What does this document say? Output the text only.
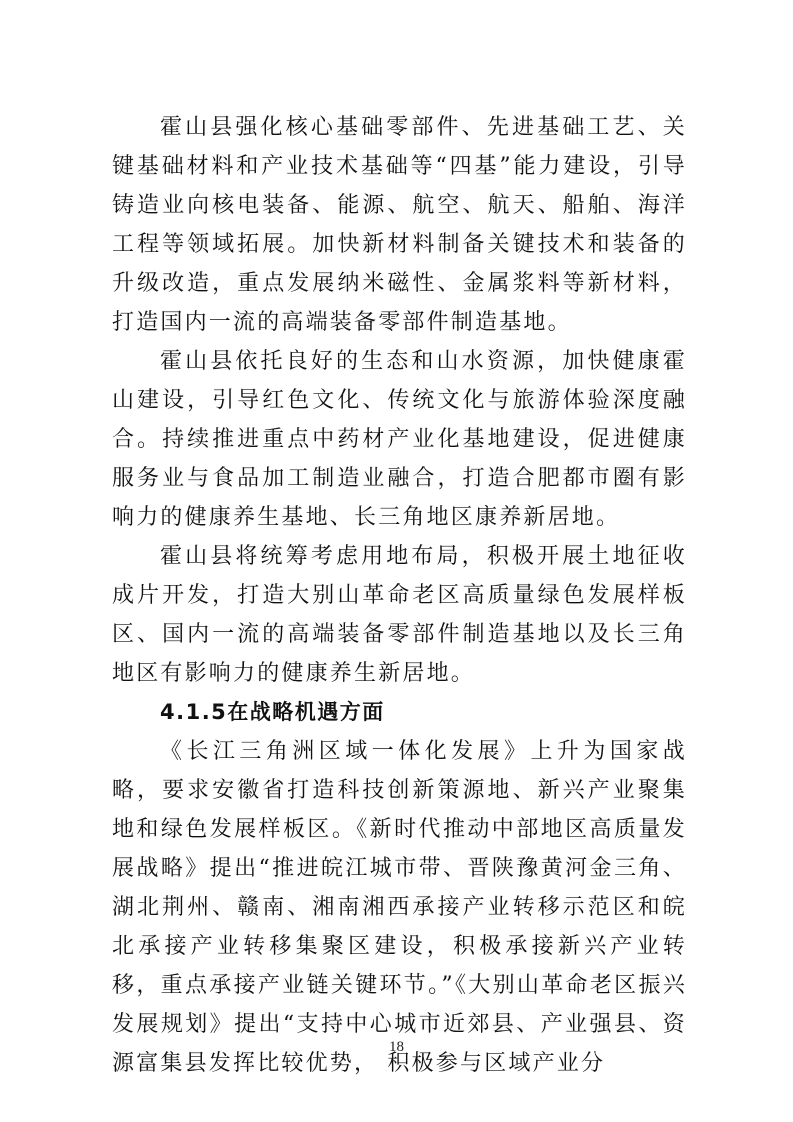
霍山县强化核心基础零部件、先进基础工艺、关键基础材料和产业技术基础等“四基”能力建设，引导铸造业向核电装备、能源、航空、航天、船舶、海洋工程等领域拓展。加快新材料制备关键技术和装备的升级改造，重点发展纳米磁性、金属浆料等新材料，打造国内一流的高端装备零部件制造基地。

霍山县依托良好的生态和山水资源，加快健康霍山建设，引导红色文化、传统文化与旅游体验深度融合。持续推进重点中药材产业化基地建设，促进健康服务业与食品加工制造业融合，打造合肥都市圈有影响力的健康养生基地、长三角地区康养新居地。

霍山县将统筹考虑用地布局，积极开展土地征收成片开发，打造大别山革命老区高质量绿色发展样板区、国内一流的高端装备零部件制造基地以及长三角地区有影响力的健康养生新居地。

4.1.5在战略机遇方面

《长江三角洲区域一体化发展》上升为国家战略，要求安徽省打造科技创新策源地、新兴产业聚集地和绿色发展样板区。《新时代推动中部地区高质量发展战略》提出“推进皖江城市带、晋陕豫黄河金三角、湖北荆州、赣南、湘南湘西承接产业转移示范区和皖北承接产业转移集聚区建设，积极承接新兴产业转移，重点承接产业链关键环节。”《大别山革命老区振兴发展规划》提出“支持中心城市近郊县、产业强县、资源富集县发挥比较优势， 积极参与区域产业分

18
